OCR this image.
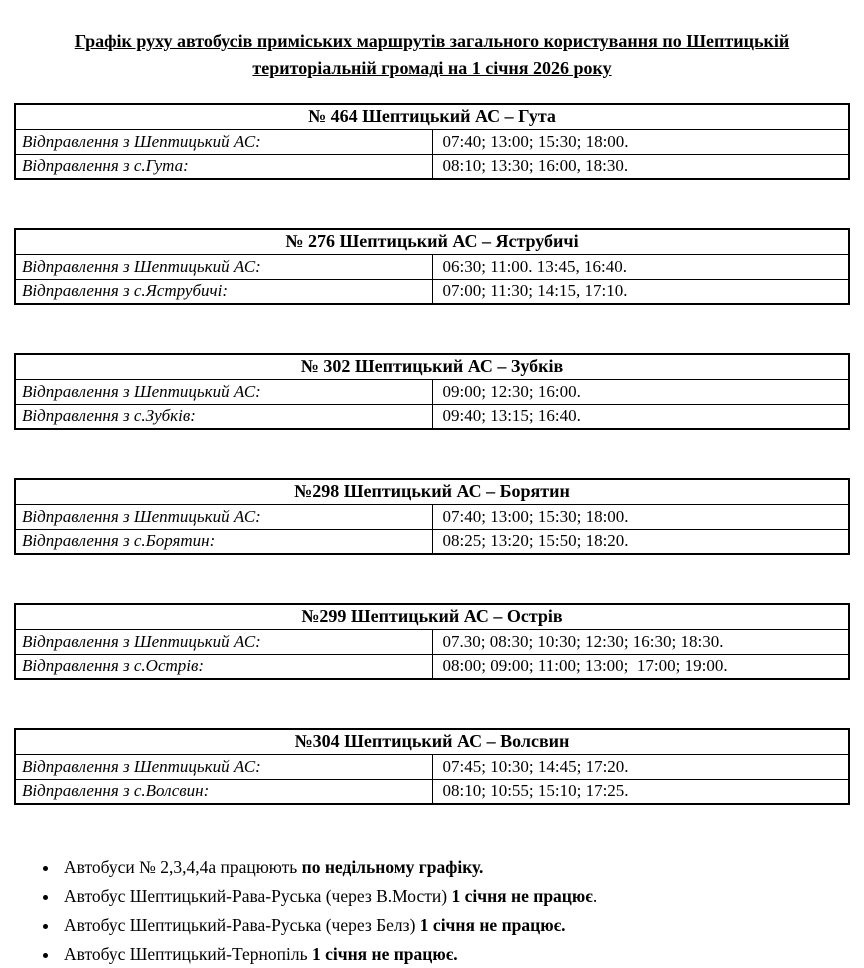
Графік руху автобусів приміських маршрутів загального користування по Шептицькій
територіальній громаді на 1 січня 2026 року
№ 464 Шептицький АС – Гута	
Відправлення з Шептицький АС:	07:40; 13:00; 15:30; 18:00.
Відправлення з с.Гута:	08:10; 13:30; 16:00, 18:30.
№ 276 Шептицький АС – Яструбичі	
Відправлення з Шептицький АС:	06:30; 11:00. 13:45, 16:40.
Відправлення з с.Яструбичі:	07:00; 11:30; 14:15, 17:10.
№ 302 Шептицький АС – Зубків	
Відправлення з Шептицький АС:	09:00; 12:30; 16:00.
Відправлення з с.Зубків:	09:40; 13:15; 16:40.
№298 Шептицький АС – Борятин	
Відправлення з Шептицький АС:	07:40; 13:00; 15:30; 18:00.
Відправлення з с.Борятин:	08:25; 13:20; 15:50; 18:20.
№299 Шептицький АС – Острів	
Відправлення з Шептицький АС:	07.30; 08:30; 10:30; 12:30; 16:30; 18:30.
Відправлення з с.Острів:	08:00; 09:00; 11:00; 13:00;  17:00; 19:00.
№304 Шептицький АС – Волсвин	
Відправлення з Шептицький АС:	07:45; 10:30; 14:45; 17:20.
Відправлення з с.Волсвин:	08:10; 10:55; 15:10; 17:25.
• Автобуси № 2,3,4,4а працюють по недільному графіку.
• Автобус Шептицький-Рава-Руська (через В.Мости) 1 січня не працює.
• Автобус Шептицький-Рава-Руська (через Белз) 1 січня не працює.
• Автобус Шептицький-Тернопіль 1 січня не працює.
